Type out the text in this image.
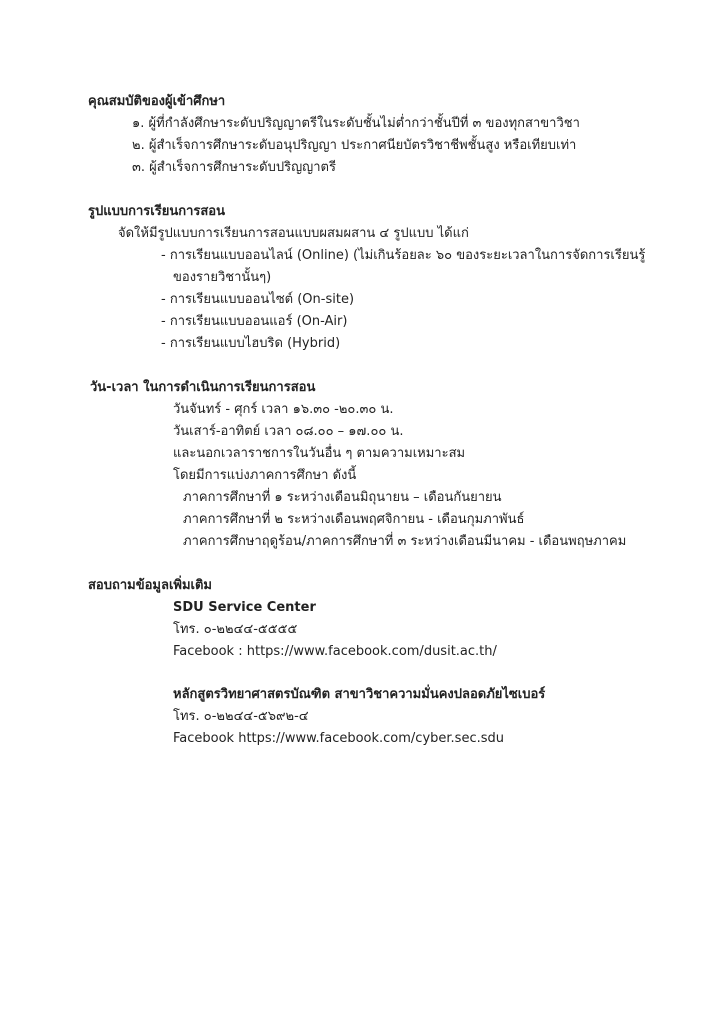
คุณสมบัติของผู้เข้าศึกษา
๑. ผู้ที่กำลังศึกษาระดับปริญญาตรีในระดับชั้นไม่ต่ำกว่าชั้นปีที่ ๓ ของทุกสาขาวิชา
๒. ผู้สำเร็จการศึกษาระดับอนุปริญญา ประกาศนียบัตรวิชาชีพชั้นสูง หรือเทียบเท่า
๓. ผู้สำเร็จการศึกษาระดับปริญญาตรี
รูปแบบการเรียนการสอน
จัดให้มีรูปแบบการเรียนการสอนแบบผสมผสาน ๔ รูปแบบ ได้แก่
- การเรียนแบบออนไลน์ (Online) (ไม่เกินร้อยละ ๖๐ ของระยะเวลาในการจัดการเรียนรู้
ของรายวิชานั้นๆ)
- การเรียนแบบออนไซต์ (On-site)
- การเรียนแบบออนแอร์ (On-Air)
- การเรียนแบบไฮบริด (Hybrid)
วัน-เวลา ในการดำเนินการเรียนการสอน
วันจันทร์ - ศุกร์ เวลา ๑๖.๓๐ -๒๐.๓๐ น.
วันเสาร์-อาทิตย์ เวลา ๐๘.๐๐ – ๑๗.๐๐ น.
และนอกเวลาราชการในวันอื่น ๆ ตามความเหมาะสม
โดยมีการแบ่งภาคการศึกษา ดังนี้
ภาคการศึกษาที่ ๑ ระหว่างเดือนมิถุนายน – เดือนกันยายน
ภาคการศึกษาที่ ๒ ระหว่างเดือนพฤศจิกายน - เดือนกุมภาพันธ์
ภาคการศึกษาฤดูร้อน/ภาคการศึกษาที่ ๓ ระหว่างเดือนมีนาคม - เดือนพฤษภาคม
สอบถามข้อมูลเพิ่มเติม
SDU Service Center
โทร. ๐-๒๒๔๔-๕๕๕๕
Facebook : https://www.facebook.com/dusit.ac.th/
หลักสูตรวิทยาศาสตรบัณฑิต สาขาวิชาความมั่นคงปลอดภัยไซเบอร์
โทร. ๐-๒๒๔๔-๕๖๙๒-๔
Facebook https://www.facebook.com/cyber.sec.sdu
